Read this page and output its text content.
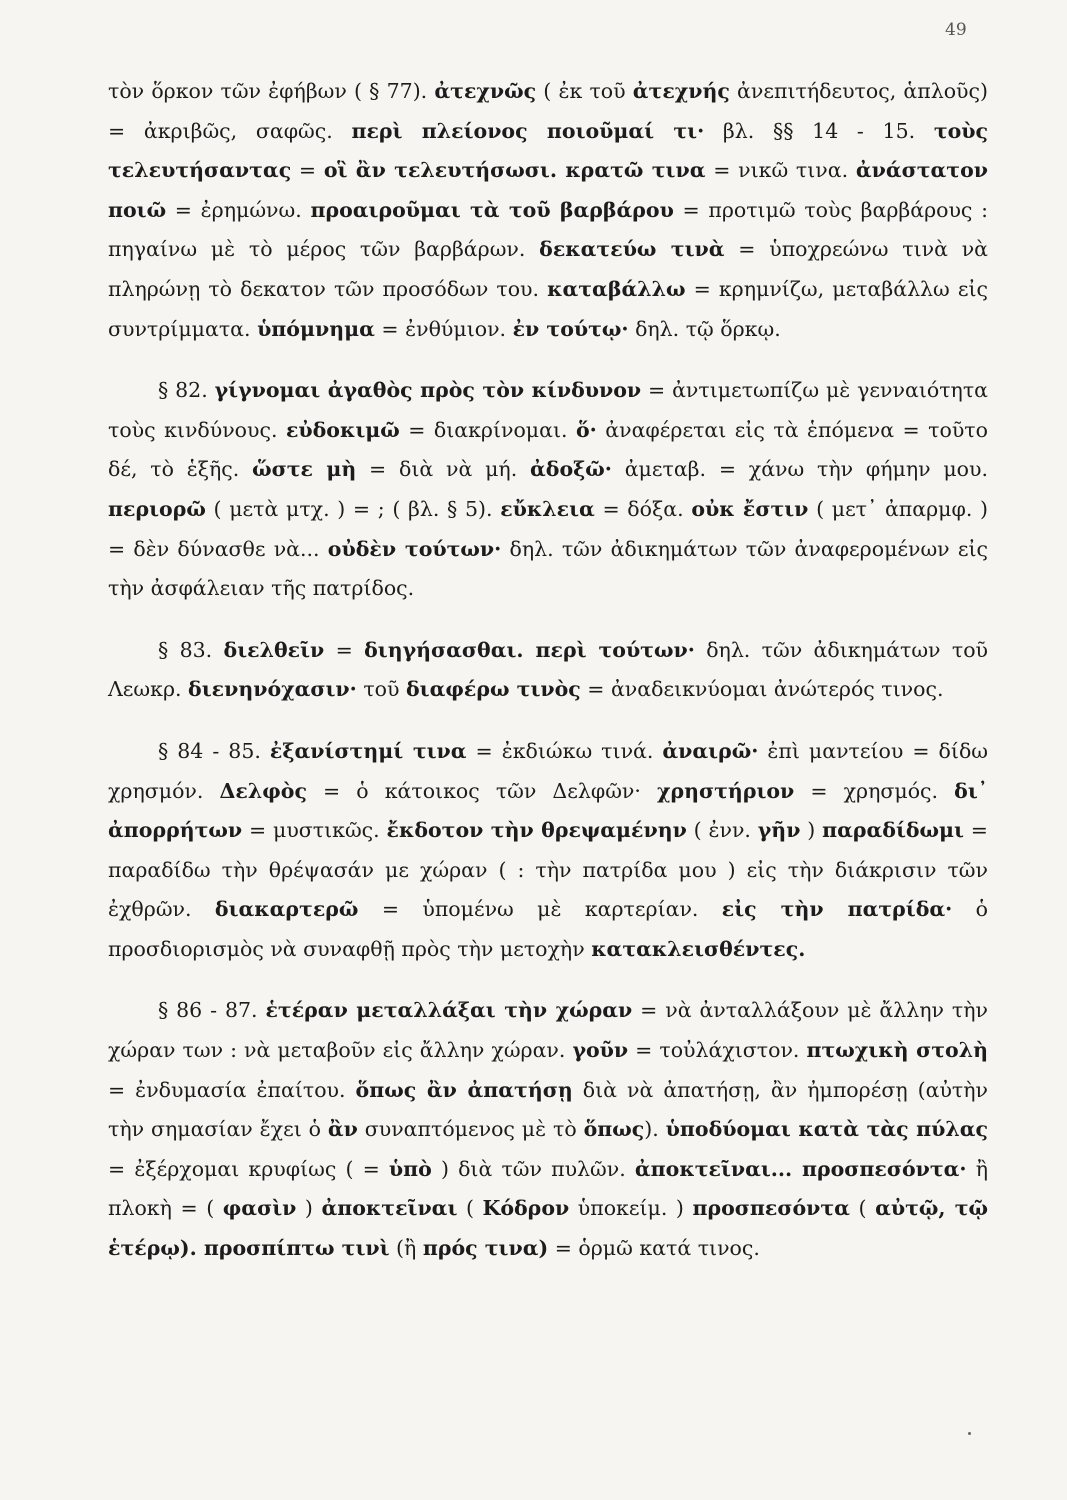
49

τὸν ὅρκον τῶν ἐφήβων ( § 77). ἀτεχνῶς ( ἐκ τοῦ ἀτεχνής ἀνεπιτήδευτος, ἁπλοῦς) = ἀκριβῶς, σαφῶς. περὶ πλείονος ποιοῦμαί τι· βλ. §§ 14 - 15. τοὺς τελευτήσαντας = οἳ ἂν τελευτήσωσι. κρατῶ τινα = νικῶ τινα. ἀνάστατον ποιῶ = ἐρημώνω. προαιροῦμαι τὰ τοῦ βαρβάρου = προτιμῶ τοὺς βαρβάρους : πηγαίνω μὲ τὸ μέρος τῶν βαρβάρων. δεκατεύω τινὰ = ὑποχρεώνω τινὰ νὰ πληρώνῃ τὸ δεκατον τῶν προσόδων του. καταβάλλω = κρημνίζω, μεταβάλλω εἰς συντρίμματα. ὑπόμνημα = ἐνθύμιον. ἐν τούτῳ· δηλ. τῷ ὅρκῳ.

§ 82. γίγνομαι ἀγαθὸς πρὸς τὸν κίνδυνον = ἀντιμετωπίζω μὲ γενναιότητα τοὺς κινδύνους. εὐδοκιμῶ = διακρίνομαι. ὅ· ἀναφέρεται εἰς τὰ ἑπόμενα = τοῦτο δέ, τὸ ἑξῆς. ὥστε μὴ = διὰ νὰ μή. ἀδοξῶ· ἀμεταβ. = χάνω τὴν φήμην μου. περιορῶ ( μετὰ μτχ. ) = ; ( βλ. § 5). εὔκλεια = δόξα. οὐκ ἔστιν ( μετ᾽ ἀπαρμφ. ) = δὲν δύνασθε νὰ... οὐδὲν τούτων· δηλ. τῶν ἀδικημάτων τῶν ἀναφερομένων εἰς τὴν ἀσφάλειαν τῆς πατρίδος.

§ 83. διελθεῖν = διηγήσασθαι. περὶ τούτων· δηλ. τῶν ἀδικημάτων τοῦ Λεωκρ. διενηνόχασιν· τοῦ διαφέρω τινὸς = ἀναδεικνύομαι ἀνώτερός τινος.

§ 84 - 85. ἐξανίστημί τινα = ἐκδιώκω τινά. ἀναιρῶ· ἐπὶ μαντείου = δίδω χρησμόν. Δελφὸς = ὁ κάτοικος τῶν Δελφῶν· χρηστήριον = χρησμός. δι᾽ ἀπορρήτων = μυστικῶς. ἔκδοτον τὴν θρεψαμένην ( ἐνν. γῆν ) παραδίδωμι = παραδίδω τὴν θρέψασάν με χώραν ( : τὴν πατρίδα μου ) εἰς τὴν διάκρισιν τῶν ἐχθρῶν. διακαρτερῶ = ὑπομένω μὲ καρτερίαν. εἰς τὴν πατρίδα· ὁ προσδιορισμὸς νὰ συναφθῇ πρὸς τὴν μετοχὴν κατακλεισθέντες.

§ 86 - 87. ἑτέραν μεταλλάξαι τὴν χώραν = νὰ ἀνταλλάξουν μὲ ἄλλην τὴν χώραν των : νὰ μεταβοῦν εἰς ἄλλην χώραν. γοῦν = τοὐλάχιστον. πτωχικὴ στολὴ = ἐνδυμασία ἐπαίτου. ὅπως ἂν ἀπατήσῃ διὰ νὰ ἀπατήσῃ, ἂν ἠμπορέσῃ (αὐτὴν τὴν σημασίαν ἔχει ὁ ἂν συναπτόμενος μὲ τὸ ὅπως). ὑποδύομαι κατὰ τὰς πύλας = ἐξέρχομαι κρυφίως ( = ὑπὸ ) διὰ τῶν πυλῶν. ἀποκτεῖναι... προσπεσόντα· ἢ πλοκὴ = ( φασὶν ) ἀποκτεῖναι ( Κόδρον ὑποκείμ. ) προσπεσόντα ( αὐτῷ, τῷ ἑτέρῳ). προσπίπτω τινὶ (ἢ πρός τινα) = ὁρμῶ κατά τινος.
